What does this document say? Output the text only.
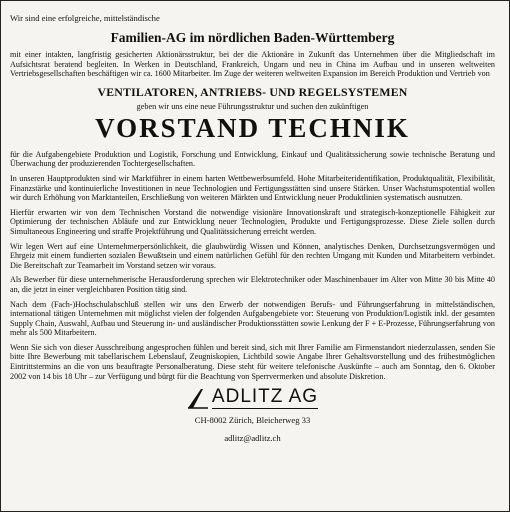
Wir sind eine erfolgreiche, mittelständische

Familien-AG im nördlichen Baden-Württemberg

mit einer intakten, langfristig gesicherten Aktionärsstruktur, bei der die Aktionäre in Zukunft das Unternehmen über die Mitgliedschaft im Aufsichtsrat beratend begleiten. In Werken in Deutschland, Frankreich, Ungarn und neu in China im Aufbau und in unseren weltweiten Vertriebsgesellschaften beschäftigen wir ca. 1600 Mitarbeiter. Im Zuge der weiteren weltweiten Expansion im Bereich Produktion und Vertrieb von

VENTILATOREN, ANTRIEBS- UND REGELSYSTEMEN
geben wir uns eine neue Führungsstruktur und suchen den zukünftigen
VORSTAND TECHNIK

für die Aufgabengebiete Produktion und Logistik, Forschung und Entwicklung, Einkauf und Qualitätssicherung sowie technische Beratung und Überwachung der produzierenden Tochtergesellschaften.

In unseren Hauptprodukten sind wir Marktführer in einem harten Wettbewerbsumfeld. Hohe Mitarbeiteridentifikation, Produktqualität, Flexibilität, Finanzstärke und kontinuierliche Investitionen in neue Technologien und Fertigungsstätten sind unsere Stärken. Unser Wachstumspotential wollen wir durch Erhöhung von Marktanteilen, Erschließung von weiteren Märkten und Entwicklung neuer Produktlinien systematisch ausnutzen.

Hierfür erwarten wir von dem Technischen Vorstand die notwendige visionäre Innovationskraft und strategisch-konzeptionelle Fähigkeit zur Optimierung der technischen Abläufe und zur Entwicklung neuer Technologien, Produkte und Fertigungsprozesse. Diese Ziele sollen durch Simultaneous Engineering und straffe Projektführung und Qualitätssicherung erreicht werden.

Wir legen Wert auf eine Unternehmerpersönlichkeit, die glaubwürdig Wissen und Können, analytisches Denken, Durchsetzungsvermögen und Ehrgeiz mit einem fundierten sozialen Bewußtsein und einem natürlichen Gefühl für den rechten Umgang mit Kunden und Mitarbeitern verbindet. Die Bereitschaft zur Teamarbeit im Vorstand setzen wir voraus.

Als Bewerber für diese unternehmerische Herausforderung sprechen wir Elektrotechniker oder Maschinenbauer im Alter von Mitte 30 bis Mitte 40 an, die jetzt in einer vergleichbaren Position tätig sind.

Nach dem (Fach-)Hochschulabschluß stellen wir uns den Erwerb der notwendigen Berufs- und Führungserfahrung in mittelständischen, international tätigen Unternehmen mit möglichst vielen der folgenden Aufgabengebiete vor: Steuerung von Produktion/Logistik inkl. der gesamten Supply Chain, Auswahl, Aufbau und Steuerung in- und ausländischer Produktionsstätten sowie Lenkung der F + E-Prozesse, Führungserfahrung von mehr als 500 Mitarbeitern.

Wenn Sie sich von dieser Ausschreibung angesprochen fühlen und bereit sind, sich mit Ihrer Familie am Firmenstandort niederzulassen, senden Sie bitte Ihre Bewerbung mit tabellarischem Lebenslauf, Zeugniskopien, Lichtbild sowie Angabe Ihrer Gehaltsvorstellung und des frühestmöglichen Eintrittstermins an die von uns beauftragte Personalberatung. Diese steht für weitere telefonische Auskünfte – auch am Sonntag, den 6. Oktober 2002 von 14 bis 18 Uhr – zur Verfügung und bürgt für die Beachtung von Sperrvermerken und absolute Diskretion.

ADLITZ AG
CH-8002 Zürich, Bleicherweg 33
adlitz@adlitz.ch
